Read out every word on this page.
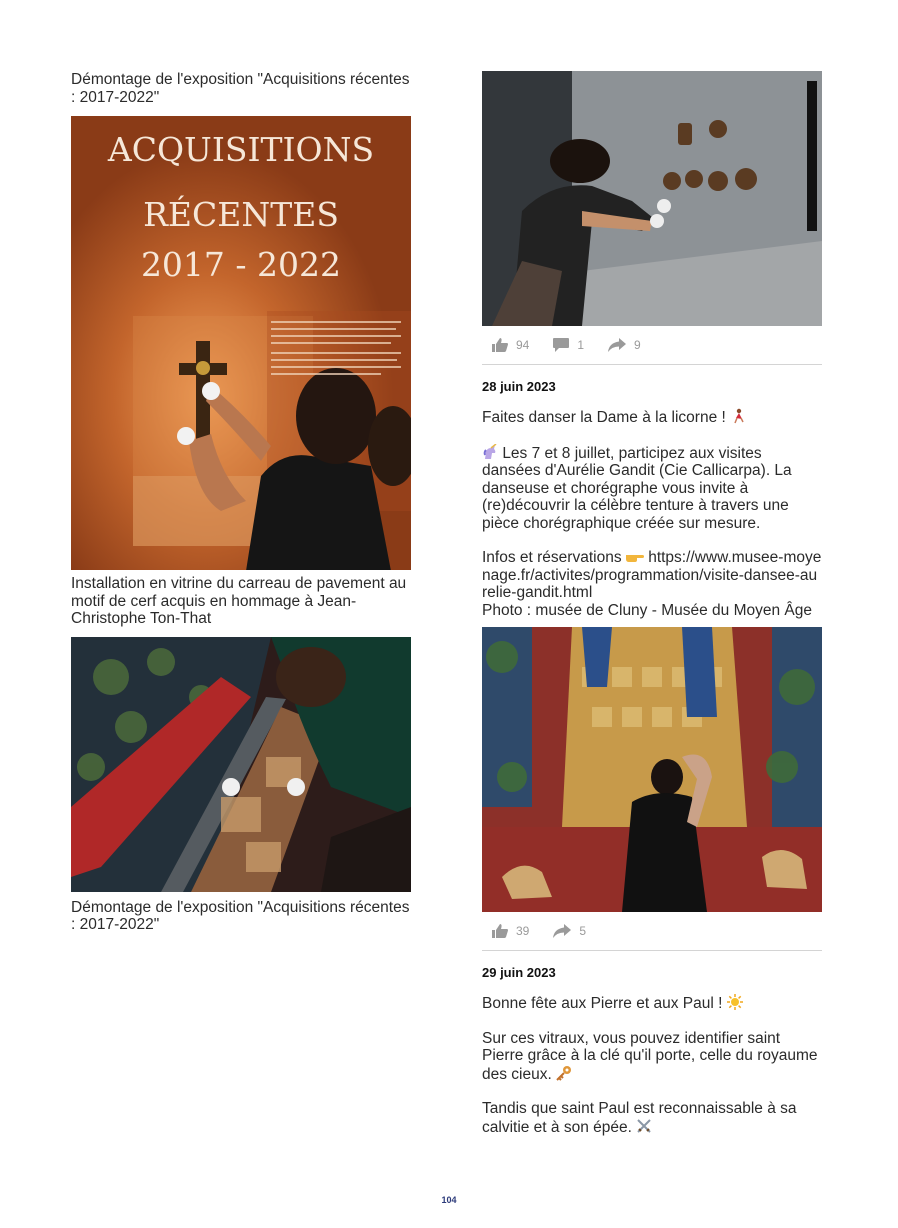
Démontage de l'exposition "Acquisitions récentes : 2017-2022"

ACQUISITIONS
RÉCENTES
2017 - 2022

Installation en vitrine du carreau de pavement au motif de cerf acquis en hommage à Jean-Christophe Ton-That

Démontage de l'exposition "Acquisitions récentes : 2017-2022"

94	1	9

28 juin 2023

Faites danser la Dame à la licorne !

Les 7 et 8 juillet, participez aux visites dansées d'Aurélie Gandit (Cie Callicarpa). La danseuse et chorégraphe vous invite à (re)découvrir la célèbre tenture à travers une pièce chorégraphique créée sur mesure.

Infos et réservations https://www.musee-moyenage.fr/activites/programmation/visite-dansee-aurelie-gandit.html

Photo : musée de Cluny - Musée du Moyen Âge

39	5

29 juin 2023

Bonne fête aux Pierre et aux Paul !

Sur ces vitraux, vous pouvez identifier saint Pierre grâce à la clé qu'il porte, celle du royaume des cieux.

Tandis que saint Paul est reconnaissable à sa calvitie et à son épée.

104
